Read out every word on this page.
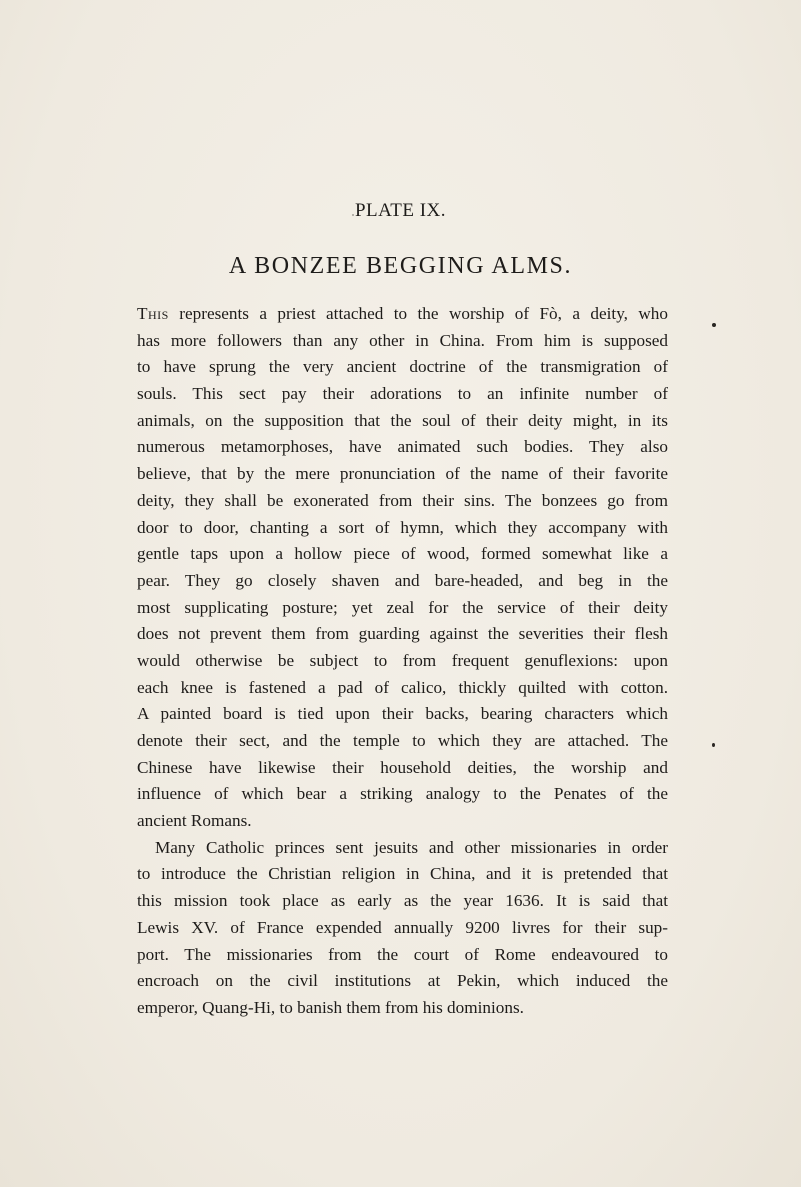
PLATE IX.
A BONZEE BEGGING ALMS.
This represents a priest attached to the worship of Fò, a deity, who
has more followers than any other in China. From him is supposed
to have sprung the very ancient doctrine of the transmigration of
souls. This sect pay their adorations to an infinite number of
animals, on the supposition that the soul of their deity might, in its
numerous metamorphoses, have animated such bodies. They also
believe, that by the mere pronunciation of the name of their favorite
deity, they shall be exonerated from their sins. The bonzees go from
door to door, chanting a sort of hymn, which they accompany with
gentle taps upon a hollow piece of wood, formed somewhat like a
pear. They go closely shaven and bare-headed, and beg in the
most supplicating posture; yet zeal for the service of their deity
does not prevent them from guarding against the severities their flesh
would otherwise be subject to from frequent genuflexions: upon
each knee is fastened a pad of calico, thickly quilted with cotton.
A painted board is tied upon their backs, bearing characters which
denote their sect, and the temple to which they are attached. The
Chinese have likewise their household deities, the worship and
influence of which bear a striking analogy to the Penates of the
ancient Romans.
Many Catholic princes sent jesuits and other missionaries in order
to introduce the Christian religion in China, and it is pretended that
this mission took place as early as the year 1636. It is said that
Lewis XV. of France expended annually 9200 livres for their sup-
port. The missionaries from the court of Rome endeavoured to
encroach on the civil institutions at Pekin, which induced the
emperor, Quang-Hi, to banish them from his dominions.
